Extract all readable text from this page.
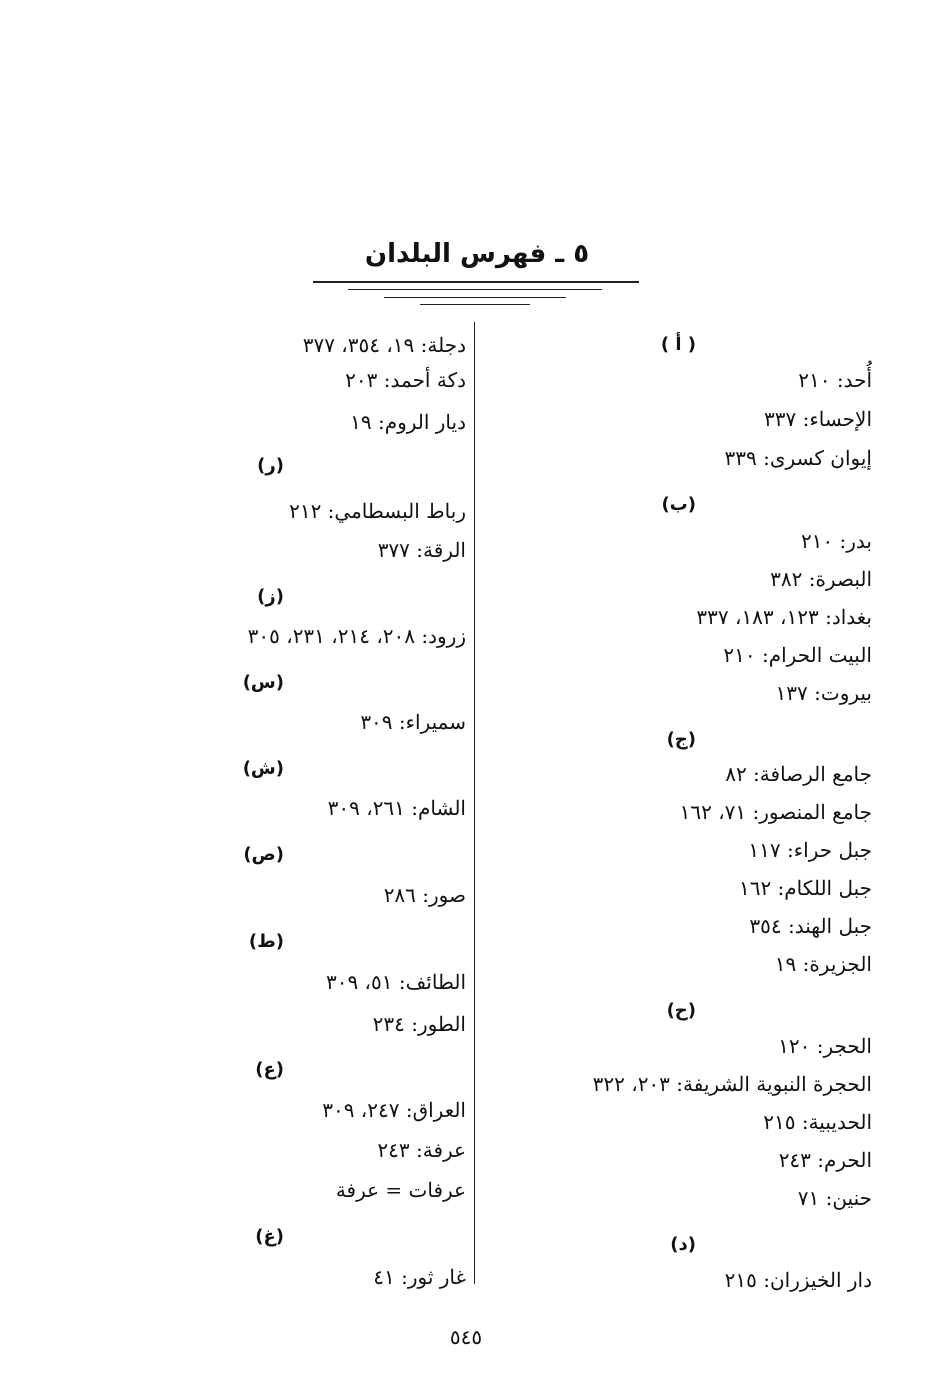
٥ ـ فهرس البلدان
( أ )
أُحد: ٢١٠
الإحساء: ٣٣٧
إيوان كسرى: ٣٣٩
(ب)
بدر: ٢١٠
البصرة: ٣٨٢
بغداد: ١٢٣، ١٨٣، ٣٣٧
البيت الحرام: ٢١٠
بيروت: ١٣٧
(ج)
جامع الرصافة: ٨٢
جامع المنصور: ٧١، ١٦٢
جبل حراء: ١١٧
جبل اللكام: ١٦٢
جبل الهند: ٣٥٤
الجزيرة: ١٩
(ح)
الحجر: ١٢٠
الحجرة النبوية الشريفة: ٢٠٣، ٣٢٢
الحديبية: ٢١٥
الحرم: ٢٤٣
حنين: ٧١
(د)
دار الخيزران: ٢١٥
دجلة: ١٩، ٣٥٤، ٣٧٧
دكة أحمد: ٢٠٣
ديار الروم: ١٩
(ر)
رباط البسطامي: ٢١٢
الرقة: ٣٧٧
(ز)
زرود: ٢٠٨، ٢١٤، ٢٣١، ٣٠٥
(س)
سميراء: ٣٠٩
(ش)
الشام: ٢٦١، ٣٠٩
(ص)
صور: ٢٨٦
(ط)
الطائف: ٥١، ٣٠٩
الطور: ٢٣٤
(ع)
العراق: ٢٤٧، ٣٠٩
عرفة: ٢٤٣
عرفات = عرفة
(غ)
غار ثور: ٤١
٥٤٥
